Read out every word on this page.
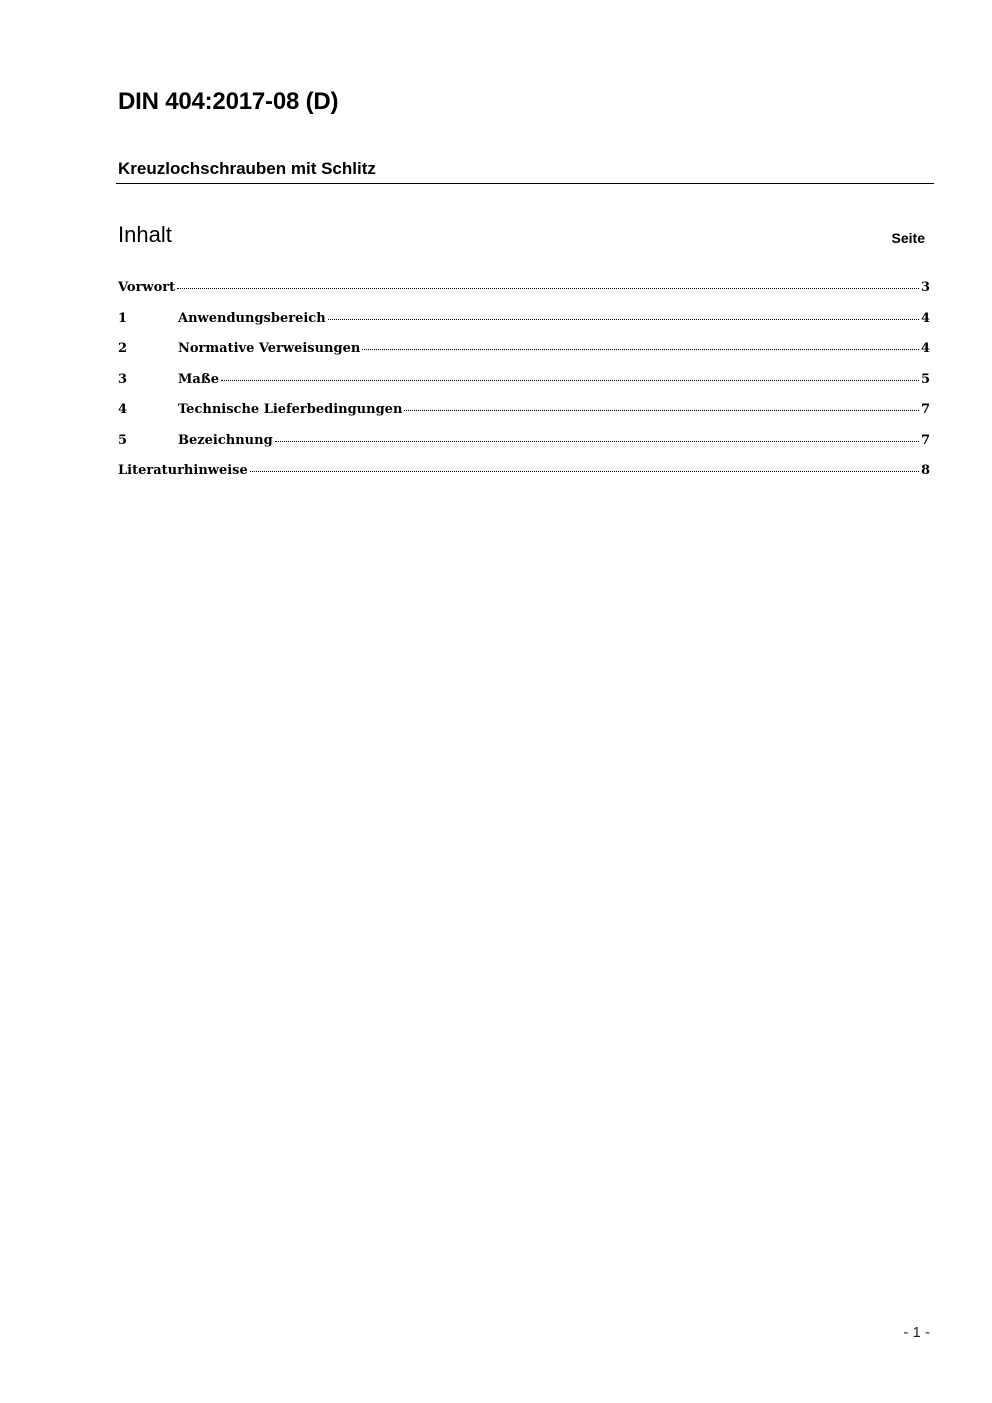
DIN 404:2017-08 (D)
Kreuzlochschrauben mit Schlitz
Inhalt	Seite
Vorwort	3
1	Anwendungsbereich	4
2	Normative Verweisungen	4
3	Maße	5
4	Technische Lieferbedingungen	7
5	Bezeichnung	7
Literaturhinweise	8
- 1 -
